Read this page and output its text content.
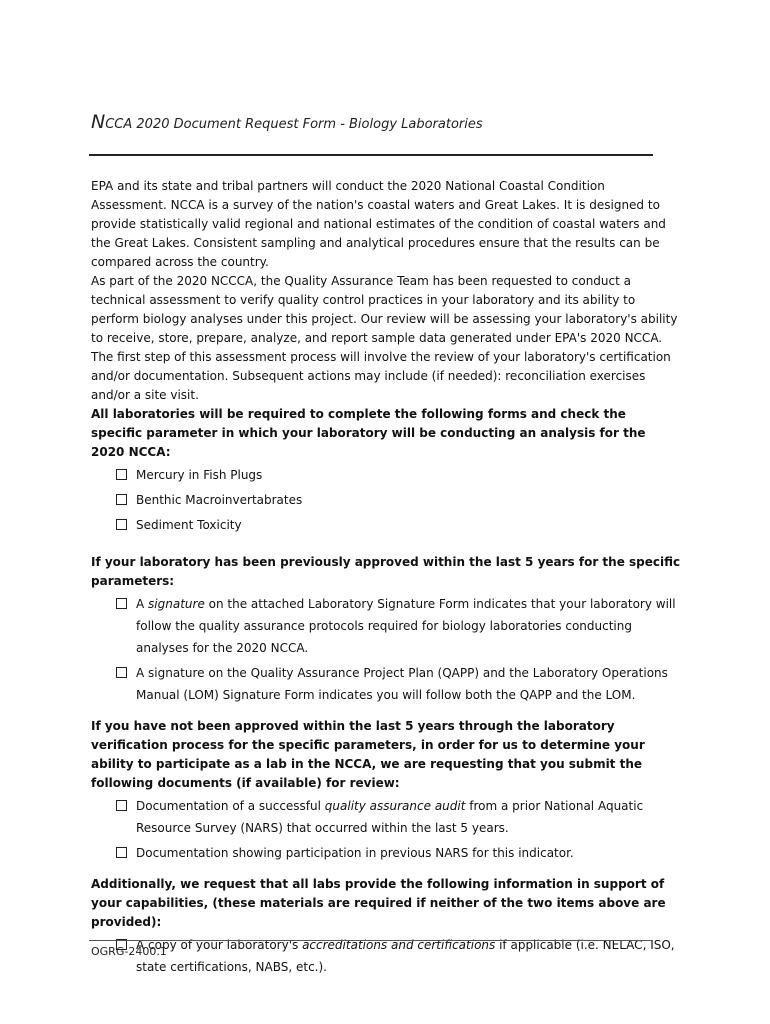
NCCA 2020 Document Request Form - Biology Laboratories

EPA and its state and tribal partners will conduct the 2020 National Coastal Condition Assessment. NCCA is a survey of the nation's coastal waters and Great Lakes. It is designed to provide statistically valid regional and national estimates of the condition of coastal waters and the Great Lakes. Consistent sampling and analytical procedures ensure that the results can be compared across the country.

As part of the 2020 NCCCA, the Quality Assurance Team has been requested to conduct a technical assessment to verify quality control practices in your laboratory and its ability to perform biology analyses under this project. Our review will be assessing your laboratory's ability to receive, store, prepare, analyze, and report sample data generated under EPA's 2020 NCCA.

The first step of this assessment process will involve the review of your laboratory's certification and/or documentation. Subsequent actions may include (if needed): reconciliation exercises and/or a site visit.

All laboratories will be required to complete the following forms and check the specific parameter in which your laboratory will be conducting an analysis for the 2020 NCCA:

Mercury in Fish Plugs
Benthic Macroinvertabrates
Sediment Toxicity

If your laboratory has been previously approved within the last 5 years for the specific parameters:

A signature on the attached Laboratory Signature Form indicates that your laboratory will follow the quality assurance protocols required for biology laboratories conducting analyses for the 2020 NCCA.
A signature on the Quality Assurance Project Plan (QAPP) and the Laboratory Operations Manual (LOM) Signature Form indicates you will follow both the QAPP and the LOM.

If you have not been approved within the last 5 years through the laboratory verification process for the specific parameters, in order for us to determine your ability to participate as a lab in the NCCA, we are requesting that you submit the following documents (if available) for review:

Documentation of a successful quality assurance audit from a prior National Aquatic Resource Survey (NARS) that occurred within the last 5 years.
Documentation showing participation in previous NARS for this indicator.

Additionally, we request that all labs provide the following information in support of your capabilities, (these materials are required if neither of the two items above are provided):

A copy of your laboratory's accreditations and certifications if applicable (i.e. NELAC, ISO, state certifications, NABS, etc.).
OGRG-2400.1
